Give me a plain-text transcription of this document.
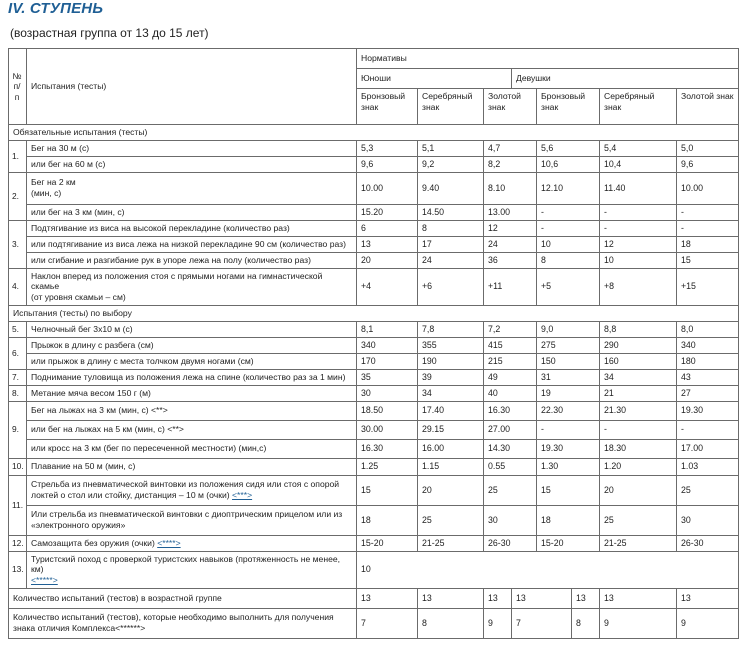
IV. СТУПЕНЬ

(возрастная группа от 13 до 15 лет)

№ п/п	Испытания (тесты)	Нормативы							
		Юноши			Девушки				
		Бронзовый знак	Серебряный знак	Золотой знак		Бронзовый знак		Серебряный знак	Золотой знак
Обязательные испытания (тесты)									
1.	Бег на 30 м (с)	5,3	5,1	4,7		5,6		5,4	5,0
	или бег на 60 м (с)	9,6	9,2	8,2		10,6		10,4	9,6
2.	Бег на 2 км
(мин, с)	10.00	9.40	8.10		12.10		11.40	10.00
	или бег на 3 км (мин, с)	15.20	14.50	13.00		-		-	-
3.	Подтягивание из виса на высокой перекладине (количество раз)	6	8	12		-		-	-
	или подтягивание из виса лежа на низкой перекладине 90 см (количество раз)	13	17	24		10		12	18
	или сгибание и разгибание рук в упоре лежа на полу (количество раз)	20	24	36		8		10	15
4.	Наклон вперед из положения стоя с прямыми ногами на гимнастической скамье
(от уровня скамьи – см)	+4	+6	+11		+5		+8	+15
Испытания (тесты) по выбору									
5.	Челночный бег 3х10 м (с)	8,1	7,8	7,2		9,0		8,8	8,0
6.	Прыжок в длину с разбега (см)	340	355	415		275		290	340
	или прыжок в длину с места толчком двумя ногами (см)	170	190	215		150		160	180
7.	Поднимание туловища из положения лежа на спине (количество раз за 1 мин)	35	39	49		31		34	43
8.	Метание мяча весом 150 г (м)	30	34	40		19		21	27
9.	Бег на лыжах на 3 км (мин, с) <**>	18.50	17.40	16.30		22.30		21.30	19.30
	или бег на лыжах на 5 км (мин, с) <**>	30.00	29.15	27.00		-		-	-
	или кросс на 3 км (бег по пересеченной местности) (мин,с)	16.30	16.00	14.30		19.30		18.30	17.00
10.	Плавание на 50 м (мин, с)	1.25	1.15	0.55		1.30		1.20	1.03
11.	Стрельба из пневматической винтовки из положения сидя или стоя с опорой
локтей о стол или стойку, дистанция – 10 м (очки) <***>	15	20	25		15		20	25
	Или стрельба из пневматической винтовки с диоптрическим прицелом или из
«электронного оружия»	18	25	30		18		25	30
12.	Самозащита без оружия (очки) <****>	15-20	21-25	26-30		15-20		21-25	26-30
13.	Туристский поход с проверкой туристских навыков (протяженность не менее, км)
<*****>	10							
Количество испытаний (тестов) в возрастной группе		13	13	13	13		13	13	13
Количество испытаний (тестов), которые необходимо выполнить для получения
знака отличия Комплекса<******>		7	8	9	7		8	9	9
